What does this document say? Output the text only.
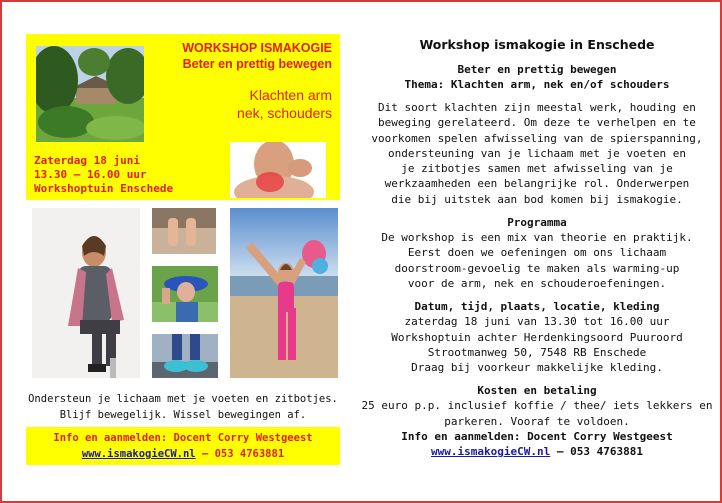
WORKSHOP ISMAKOGIE
Beter en prettig bewegen
Klachten arm
nek, schouders
Zaterdag 18 juni
13.30 – 16.00 uur
Workshoptuin Enschede
Ondersteun je lichaam met je voeten en zitbotjes.
Blijf bewegelijk. Wissel bewegingen af.
Info en aanmelden: Docent Corry Westgeest
www.ismakogieCW.nl – 053 4763881
Workshop ismakogie in Enschede
Beter en prettig bewegen
Thema: Klachten arm, nek en/of schouders
Dit soort klachten zijn meestal werk, houding en
beweging gerelateerd. Om deze te verhelpen en te
voorkomen spelen afwisseling van de spierspanning,
ondersteuning van je lichaam met je voeten en
je zitbotjes samen met afwisseling van je
werkzaamheden een belangrijke rol. Onderwerpen
die bij uitstek aan bod komen bij ismakogie.
Programma
De workshop is een mix van theorie en praktijk.
Eerst doen we oefeningen om ons lichaam
doorstroom-gevoelig te maken als warming-up
voor de arm, nek en schouderoefeningen.
Datum, tijd, plaats, locatie, kleding
zaterdag 18 juni van 13.30 tot 16.00 uur
Workshoptuin achter Herdenkingsoord Puuroord
Strootmanweg 50, 7548 RB Enschede
Draag bij voorkeur makkelijke kleding.
Kosten en betaling
25 euro p.p. inclusief koffie / thee/ iets lekkers en
parkeren. Vooraf te voldoen.
Info en aanmelden: Docent Corry Westgeest
www.ismakogieCW.nl – 053 4763881
